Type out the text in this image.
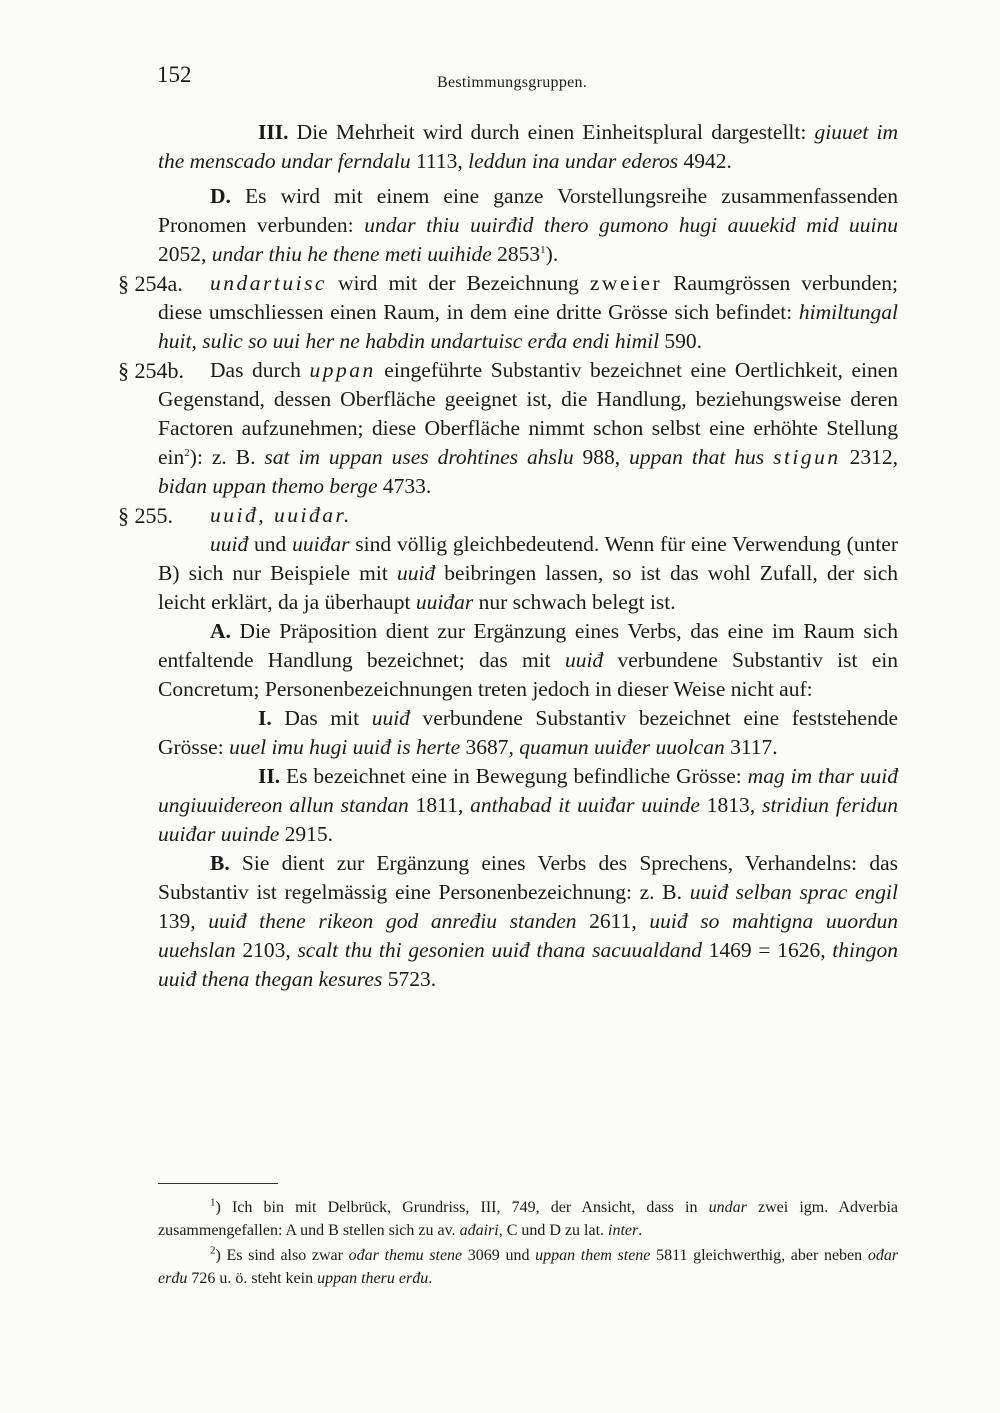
152	Bestimmungsgruppen.

III. Die Mehrheit wird durch einen Einheitsplural dargestellt: giuuet im the menscado undar ferndalu 1113, leddun ina undar ederos 4942.

D. Es wird mit einem eine ganze Vorstellungsreihe zusammenfassenden Pronomen verbunden: undar thiu uuirđid thero gumono hugi auuekid mid uuinu 2052, undar thiu he thene meti uuihide 2853$^1$).

§ 254a. undartuisc wird mit der Bezeichnung zweier Raumgrössen verbunden; diese umschliessen einen Raum, in dem eine dritte Grösse sich befindet: himiltungal huit, sulic so uui her ne habdin undartuisc erđa endi himil 590.

§ 254b. Das durch uppan eingeführte Substantiv bezeichnet eine Oertlichkeit, einen Gegenstand, dessen Oberfläche geeignet ist, die Handlung, beziehungsweise deren Factoren aufzunehmen; diese Oberfläche nimmt schon selbst eine erhöhte Stellung ein$^2$): z. B. sat im uppan uses drohtines ahslu 988, uppan that hus stigun 2312, bidan uppan themo berge 4733.

§ 255. uuiđ, uuiđar.

uuiđ und uuiđar sind völlig gleichbedeutend. Wenn für eine Verwendung (unter B) sich nur Beispiele mit uuiđ beibringen lassen, so ist das wohl Zufall, der sich leicht erklärt, da ja überhaupt uuiđar nur schwach belegt ist.

A. Die Präposition dient zur Ergänzung eines Verbs, das eine im Raum sich entfaltende Handlung bezeichnet; das mit uuiđ verbundene Substantiv ist ein Concretum; Personenbezeichnungen treten jedoch in dieser Weise nicht auf:

I. Das mit uuiđ verbundene Substantiv bezeichnet eine feststehende Grösse: uuel imu hugi uuiđ is herte 3687, quamun uuiđer uuolcan 3117.

II. Es bezeichnet eine in Bewegung befindliche Grösse: mag im thar uuiđ ungiuuidereon allun standan 1811, anthabad it uuiđar uuinde 1813, stridiun feridun uuiđar uuinde 2915.

B. Sie dient zur Ergänzung eines Verbs des Sprechens, Verhandelns: das Substantiv ist regelmässig eine Personenbezeichnung: z. B. uuiđ selban sprac engil 139, uuiđ thene rikeon god anređiu standen 2611, uuiđ so mahtigna uuordun uuehslan 2103, scalt thu thi gesonien uuiđ thana sacuualdand 1469 = 1626, thingon uuiđ thena thegan kesures 5723.

$^1$) Ich bin mit Delbrück, Grundriss, III, 749, der Ansicht, dass in undar zwei igm. Adverbia zusammengefallen: A und B stellen sich zu av. ađairi, C und D zu lat. inter.

$^2$) Es sind also zwar ođar themu stene 3069 und uppan them stene 5811 gleichwerthig, aber neben ođar erđu 726 u. ö. steht kein uppan theru erđu.
